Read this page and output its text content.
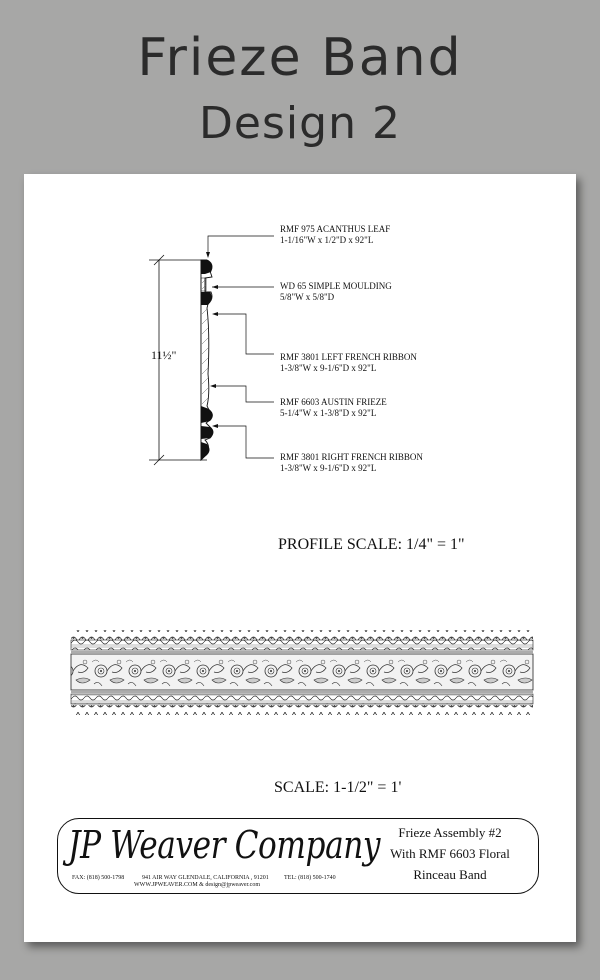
Frieze Band
Design 2
11½"
RMF 975 ACANTHUS LEAF
1-1/16"W x 1/2"D x 92"L
WD 65 SIMPLE MOULDING
5/8"W x 5/8"D
RMF 3801 LEFT FRENCH RIBBON
1-3/8"W x 9-1/6"D x 92"L
RMF 6603 AUSTIN FRIEZE
5-1/4"W x 1-3/8"D x 92"L
RMF 3801 RIGHT FRENCH RIBBON
1-3/8"W x 9-1/6"D x 92"L
PROFILE SCALE: 1/4" = 1"
SCALE: 1-1/2" = 1'
JP Weaver Company
FAX: (818) 500-1798	941 AIR WAY GLENDALE, CALIFORNIA , 91201	TEL: (818) 500-1740
WWW.JPWEAVER.COM & design@jpweaver.com
Frieze Assembly #2
With RMF 6603 Floral
Rinceau Band
